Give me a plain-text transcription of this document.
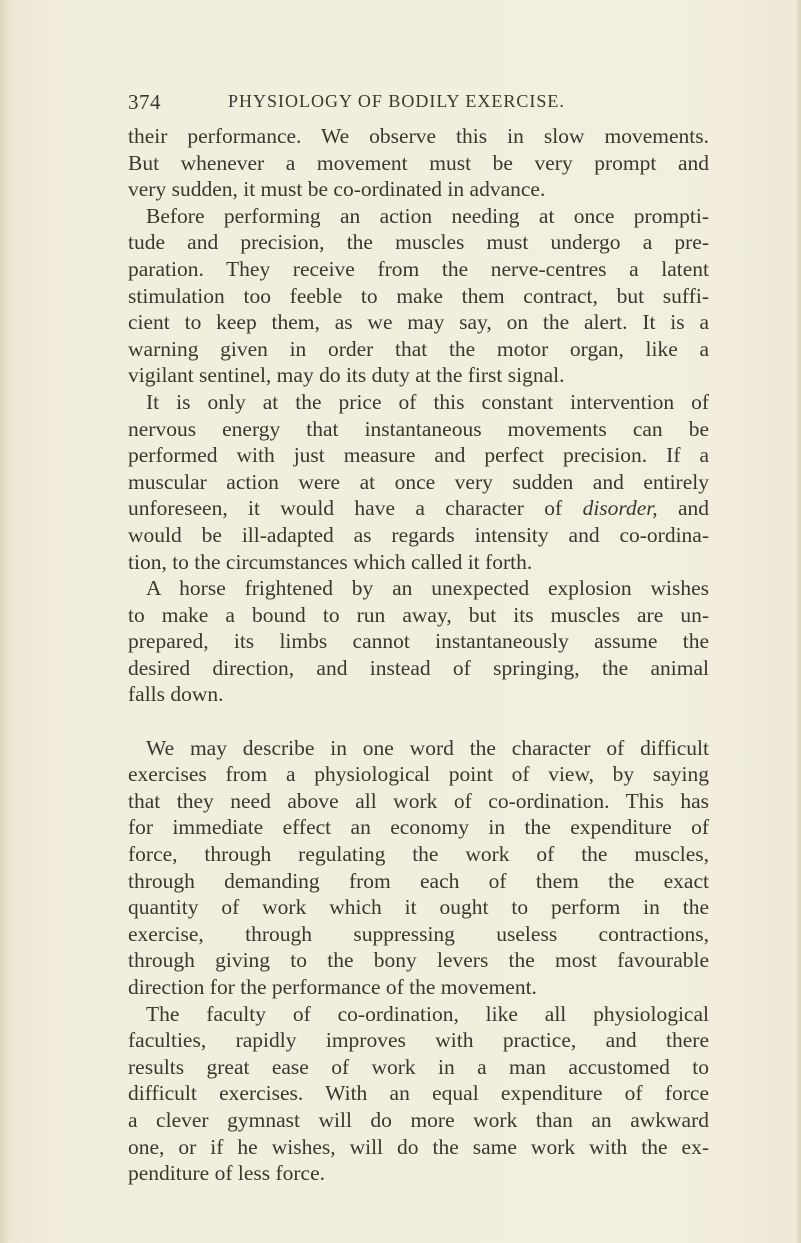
374	PHYSIOLOGY OF BODILY EXERCISE.
their performance. We observe this in slow movements.
But whenever a movement must be very prompt and
very sudden, it must be co-ordinated in advance.
Before performing an action needing at once prompti-
tude and precision, the muscles must undergo a pre-
paration. They receive from the nerve-centres a latent
stimulation too feeble to make them contract, but suffi-
cient to keep them, as we may say, on the alert. It is a
warning given in order that the motor organ, like a
vigilant sentinel, may do its duty at the first signal.
It is only at the price of this constant intervention of
nervous energy that instantaneous movements can be
performed with just measure and perfect precision. If a
muscular action were at once very sudden and entirely
unforeseen, it would have a character of disorder, and
would be ill-adapted as regards intensity and co-ordina-
tion, to the circumstances which called it forth.
A horse frightened by an unexpected explosion wishes
to make a bound to run away, but its muscles are un-
prepared, its limbs cannot instantaneously assume the
desired direction, and instead of springing, the animal
falls down.
We may describe in one word the character of difficult
exercises from a physiological point of view, by saying
that they need above all work of co-ordination. This has
for immediate effect an economy in the expenditure of
force, through regulating the work of the muscles,
through demanding from each of them the exact
quantity of work which it ought to perform in the
exercise, through suppressing useless contractions,
through giving to the bony levers the most favourable
direction for the performance of the movement.
The faculty of co-ordination, like all physiological
faculties, rapidly improves with practice, and there
results great ease of work in a man accustomed to
difficult exercises. With an equal expenditure of force
a clever gymnast will do more work than an awkward
one, or if he wishes, will do the same work with the ex-
penditure of less force.
